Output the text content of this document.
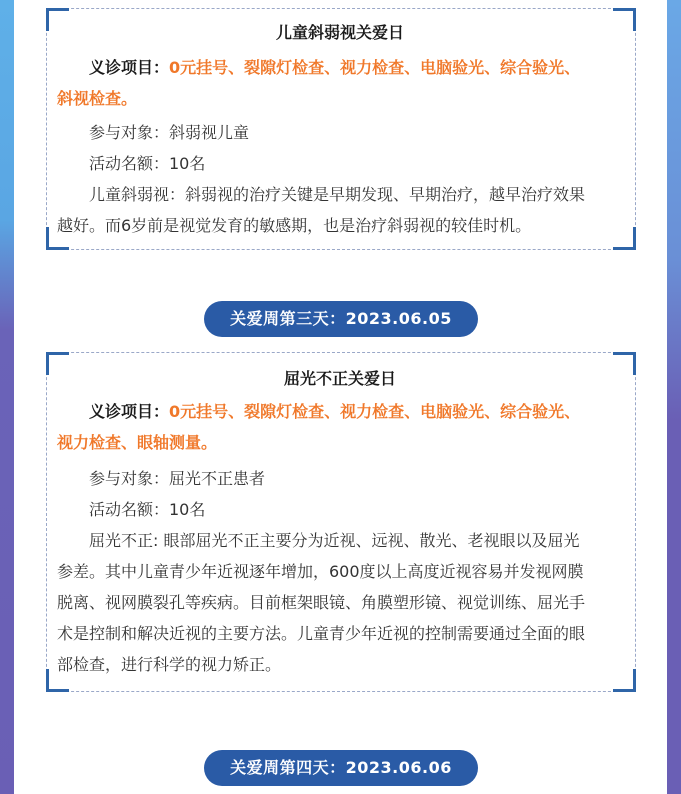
儿童斜弱视关爱日

义诊项目：0元挂号、裂隙灯检查、视力检查、电脑验光、综合验光、

斜视检查。

参与对象：斜弱视儿童

活动名额：10名

儿童斜弱视：斜弱视的治疗关键是早期发现、早期治疗，越早治疗效果

越好。而6岁前是视觉发育的敏感期，也是治疗斜弱视的较佳时机。

关爱周第三天：2023.06.05
屈光不正关爱日

义诊项目：0元挂号、裂隙灯检查、视力检查、电脑验光、综合验光、

视力检查、眼轴测量。

参与对象：屈光不正患者

活动名额：10名

屈光不正: 眼部屈光不正主要分为近视、远视、散光、老视眼以及屈光

参差。其中儿童青少年近视逐年增加，600度以上高度近视容易并发视网膜

脱离、视网膜裂孔等疾病。目前框架眼镜、角膜塑形镜、视觉训练、屈光手

术是控制和解决近视的主要方法。儿童青少年近视的控制需要通过全面的眼

部检查，进行科学的视力矫正。

关爱周第四天：2023.06.06
